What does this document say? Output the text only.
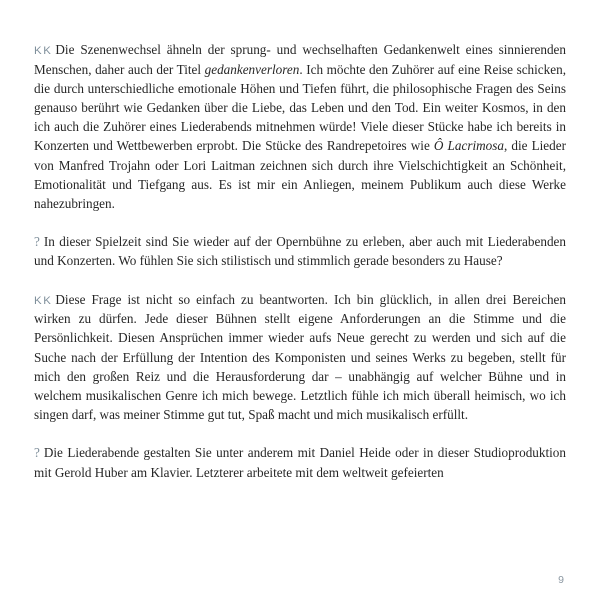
KK Die Szenenwechsel ähneln der sprung- und wechselhaften Gedankenwelt eines sinnierenden Menschen, daher auch der Titel gedankenverloren. Ich möchte den Zuhörer auf eine Reise schicken, die durch unterschiedliche emotionale Höhen und Tiefen führt, die philosophische Fragen des Seins genauso berührt wie Gedanken über die Liebe, das Leben und den Tod. Ein weiter Kosmos, in den ich auch die Zuhörer eines Liederabends mitnehmen würde! Viele dieser Stücke habe ich bereits in Konzerten und Wettbewerben erprobt. Die Stücke des Randrepetoires wie Ô Lacrimosa, die Lieder von Manfred Trojahn oder Lori Laitman zeichnen sich durch ihre Vielschichtigkeit an Schönheit, Emotionalität und Tiefgang aus. Es ist mir ein Anliegen, meinem Publikum auch diese Werke nahezubringen.

? In dieser Spielzeit sind Sie wieder auf der Opernbühne zu erleben, aber auch mit Liederabenden und Konzerten. Wo fühlen Sie sich stilistisch und stimmlich gerade besonders zu Hause?

KK Diese Frage ist nicht so einfach zu beantworten. Ich bin glücklich, in allen drei Bereichen wirken zu dürfen. Jede dieser Bühnen stellt eigene Anforderungen an die Stimme und die Persönlichkeit. Diesen Ansprüchen immer wieder aufs Neue gerecht zu werden und sich auf die Suche nach der Erfüllung der Intention des Komponisten und seines Werks zu begeben, stellt für mich den großen Reiz und die Herausforderung dar – unabhängig auf welcher Bühne und in welchem musikalischen Genre ich mich bewege. Letztlich fühle ich mich überall heimisch, wo ich singen darf, was meiner Stimme gut tut, Spaß macht und mich musikalisch erfüllt.

? Die Liederabende gestalten Sie unter anderem mit Daniel Heide oder in dieser Studioproduktion mit Gerold Huber am Klavier. Letzterer arbeitete mit dem weltweit gefeierten

9
